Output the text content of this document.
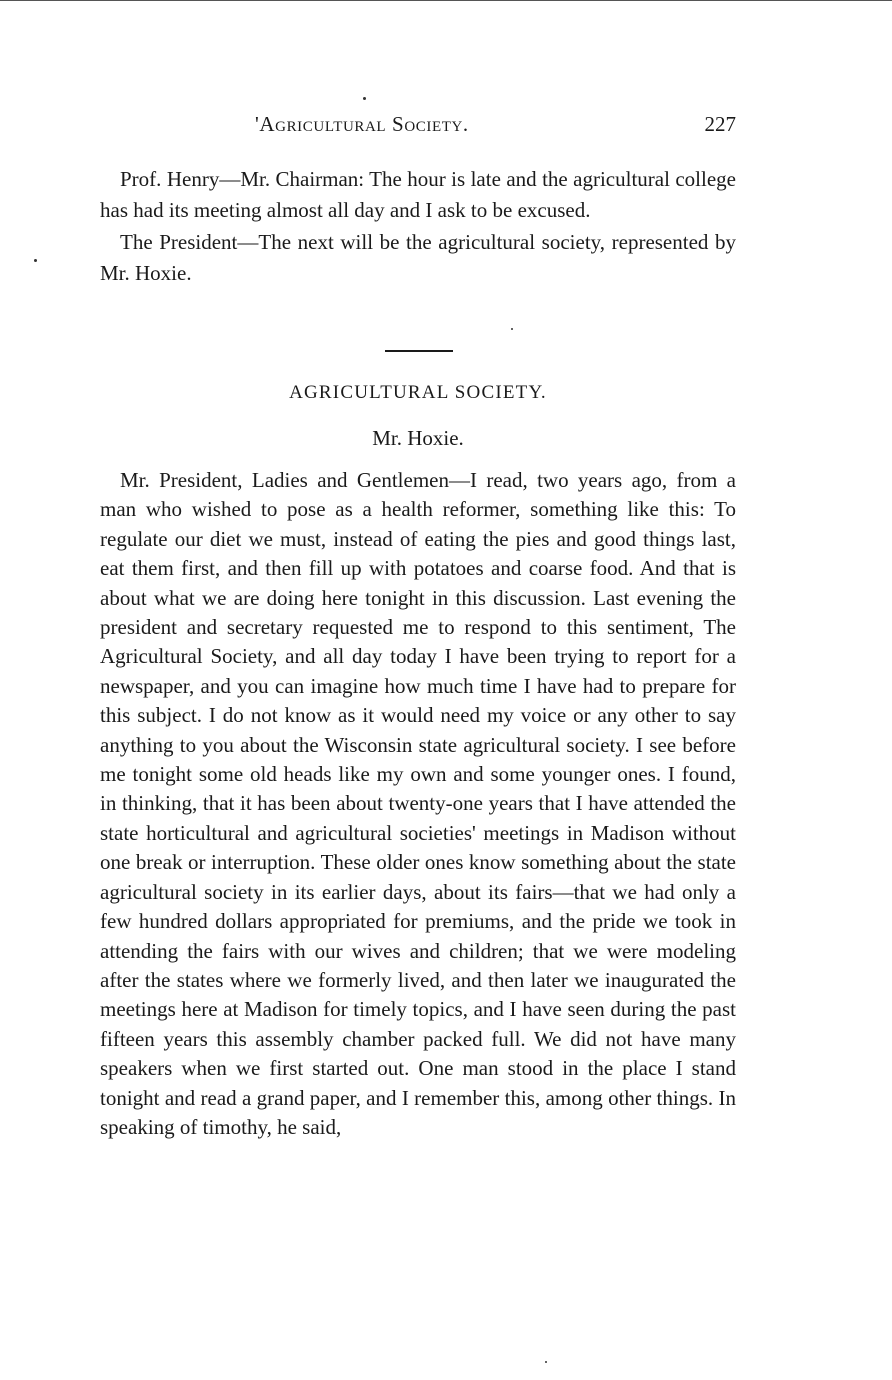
'Agricultural Society.	227

Prof. Henry—Mr. Chairman: The hour is late and the agricultural college has had its meeting almost all day and I ask to be excused.

The President—The next will be the agricultural society, represented by Mr. Hoxie.

AGRICULTURAL SOCIETY.
Mr. Hoxie.

Mr. President, Ladies and Gentlemen—I read, two years ago, from a man who wished to pose as a health reformer, something like this: To regulate our diet we must, instead of eating the pies and good things last, eat them first, and then fill up with potatoes and coarse food. And that is about what we are doing here tonight in this discussion. Last evening the president and secretary requested me to respond to this sentiment, The Agricultural Society, and all day today I have been trying to report for a newspaper, and you can imagine how much time I have had to prepare for this subject. I do not know as it would need my voice or any other to say anything to you about the Wisconsin state agricultural society. I see before me tonight some old heads like my own and some younger ones. I found, in thinking, that it has been about twenty-one years that I have attended the state horticultural and agricultural societies' meetings in Madison without one break or interruption. These older ones know something about the state agricultural society in its earlier days, about its fairs—that we had only a few hundred dollars appropriated for premiums, and the pride we took in attending the fairs with our wives and children; that we were modeling after the states where we formerly lived, and then later we inaugurated the meetings here at Madison for timely topics, and I have seen during the past fifteen years this assembly chamber packed full. We did not have many speakers when we first started out. One man stood in the place I stand tonight and read a grand paper, and I remember this, among other things. In speaking of timothy, he said,
